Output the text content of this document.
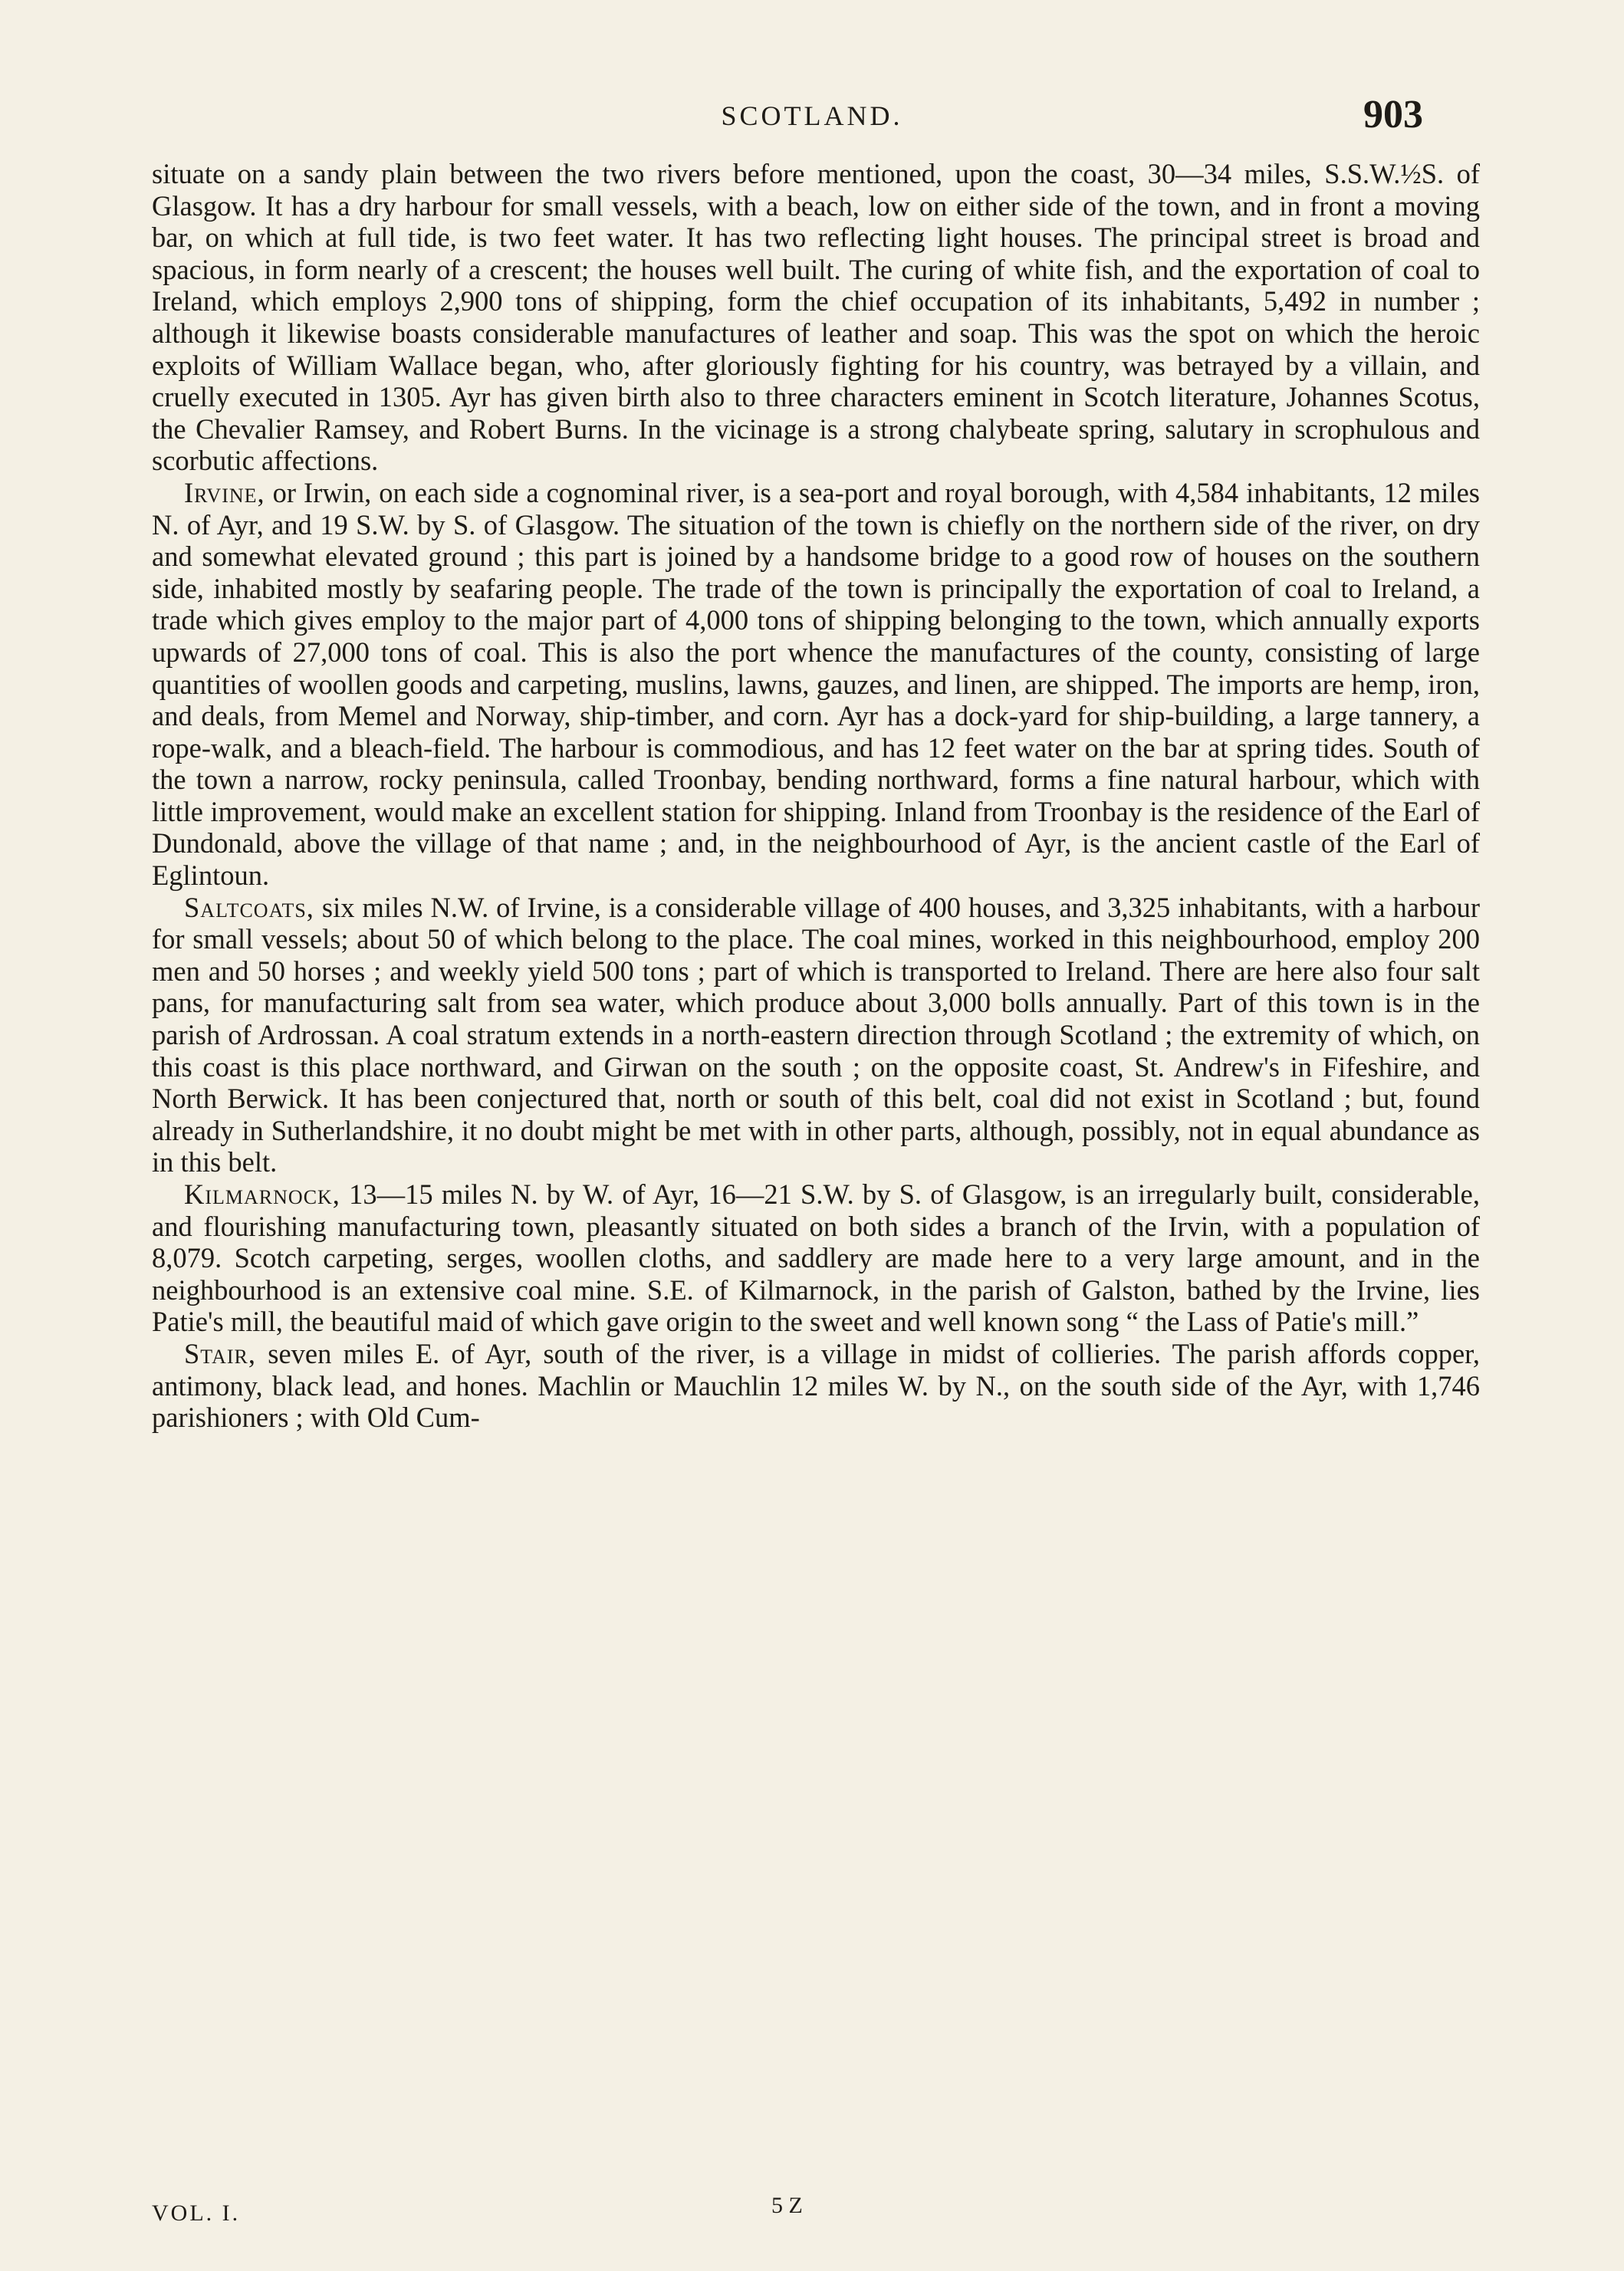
SCOTLAND.	903

situate on a sandy plain between the two rivers before mentioned, upon the coast, 30—34 miles, S.S.W.½S. of Glasgow. It has a dry harbour for small vessels, with a beach, low on either side of the town, and in front a moving bar, on which at full tide, is two feet water. It has two reflecting light houses. The principal street is broad and spacious, in form nearly of a crescent; the houses well built. The curing of white fish, and the exportation of coal to Ireland, which employs 2,900 tons of shipping, form the chief occupation of its inhabitants, 5,492 in number ; although it likewise boasts considerable manufactures of leather and soap. This was the spot on which the heroic exploits of William Wallace began, who, after gloriously fighting for his country, was betrayed by a villain, and cruelly executed in 1305. Ayr has given birth also to three characters eminent in Scotch literature, Johannes Scotus, the Chevalier Ramsey, and Robert Burns. In the vicinage is a strong chalybeate spring, salutary in scrophulous and scorbutic affections.

Irvine, or Irwin, on each side a cognominal river, is a sea-port and royal borough, with 4,584 inhabitants, 12 miles N. of Ayr, and 19 S.W. by S. of Glasgow. The situation of the town is chiefly on the northern side of the river, on dry and somewhat elevated ground ; this part is joined by a handsome bridge to a good row of houses on the southern side, inhabited mostly by seafaring people. The trade of the town is principally the exportation of coal to Ireland, a trade which gives employ to the major part of 4,000 tons of shipping belonging to the town, which annually exports upwards of 27,000 tons of coal. This is also the port whence the manufactures of the county, consisting of large quantities of woollen goods and carpeting, muslins, lawns, gauzes, and linen, are shipped. The imports are hemp, iron, and deals, from Memel and Norway, ship-timber, and corn. Ayr has a dock-yard for ship-building, a large tannery, a rope-walk, and a bleach-field. The harbour is commodious, and has 12 feet water on the bar at spring tides. South of the town a narrow, rocky peninsula, called Troonbay, bending northward, forms a fine natural harbour, which with little improvement, would make an excellent station for shipping. Inland from Troonbay is the residence of the Earl of Dundonald, above the village of that name ; and, in the neighbourhood of Ayr, is the ancient castle of the Earl of Eglintoun.

Saltcoats, six miles N.W. of Irvine, is a considerable village of 400 houses, and 3,325 inhabitants, with a harbour for small vessels; about 50 of which belong to the place. The coal mines, worked in this neighbourhood, employ 200 men and 50 horses ; and weekly yield 500 tons ; part of which is transported to Ireland. There are here also four salt pans, for manufacturing salt from sea water, which produce about 3,000 bolls annually. Part of this town is in the parish of Ardrossan. A coal stratum extends in a north-eastern direction through Scotland ; the extremity of which, on this coast is this place northward, and Girwan on the south ; on the opposite coast, St. Andrew's in Fifeshire, and North Berwick. It has been conjectured that, north or south of this belt, coal did not exist in Scotland ; but, found already in Sutherlandshire, it no doubt might be met with in other parts, although, possibly, not in equal abundance as in this belt.

Kilmarnock, 13—15 miles N. by W. of Ayr, 16—21 S.W. by S. of Glasgow, is an irregularly built, considerable, and flourishing manufacturing town, pleasantly situated on both sides a branch of the Irvin, with a population of 8,079. Scotch carpeting, serges, woollen cloths, and saddlery are made here to a very large amount, and in the neighbourhood is an extensive coal mine. S.E. of Kilmarnock, in the parish of Galston, bathed by the Irvine, lies Patie's mill, the beautiful maid of which gave origin to the sweet and well known song “ the Lass of Patie's mill.”

Stair, seven miles E. of Ayr, south of the river, is a village in midst of collieries. The parish affords copper, antimony, black lead, and hones. Machlin or Mauchlin 12 miles W. by N., on the south side of the Ayr, with 1,746 parishioners ; with Old Cum-

VOL. I.	5 Z
